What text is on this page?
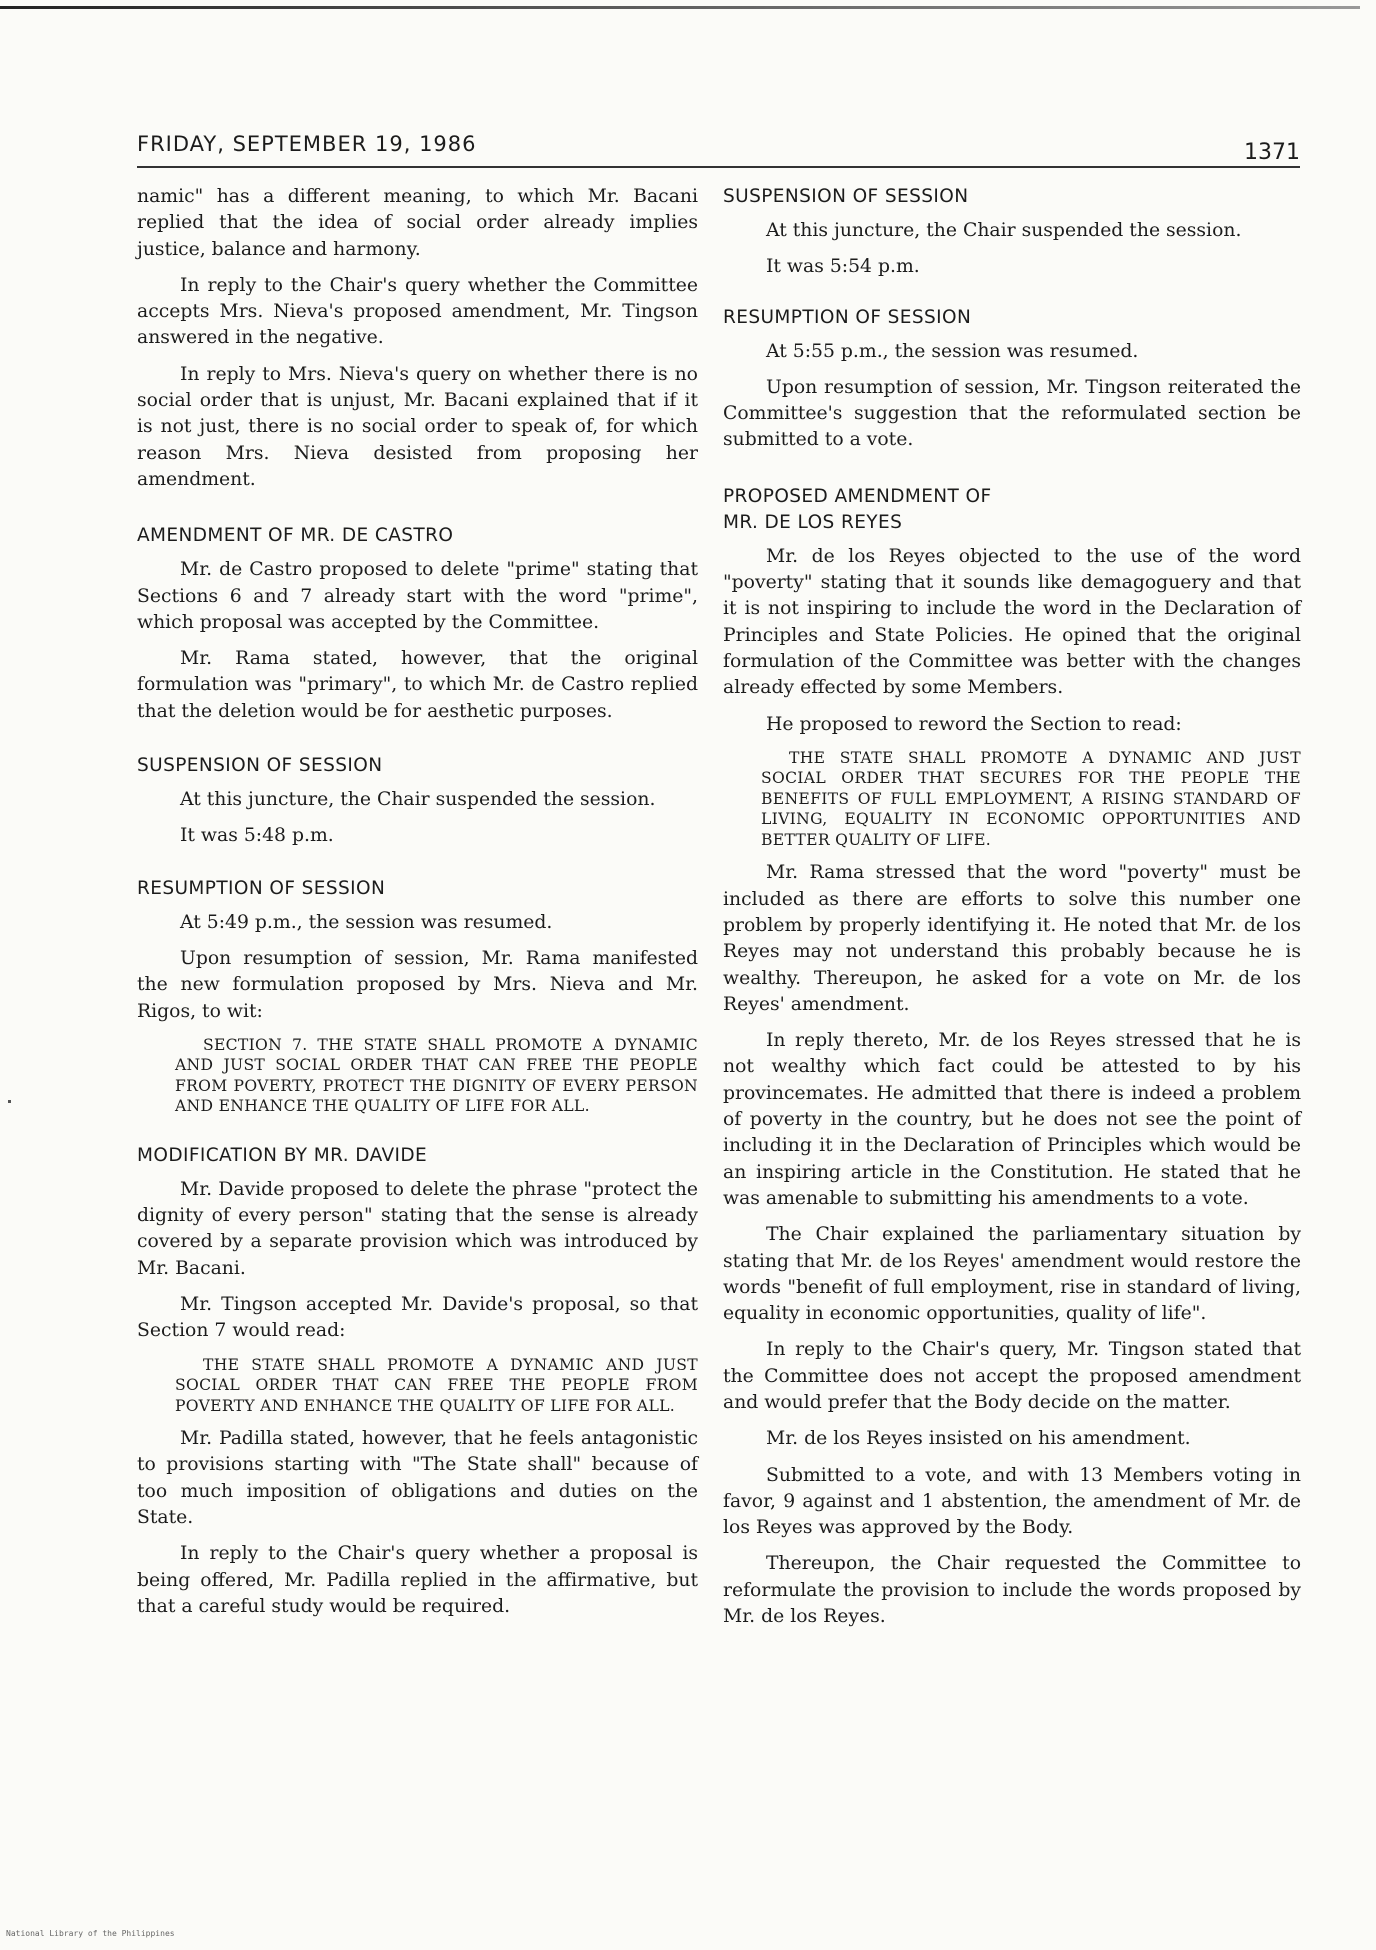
FRIDAY, SEPTEMBER 19, 1986	1371

namic" has a different meaning, to which Mr. Bacani replied that the idea of social order already implies justice, balance and harmony.

In reply to the Chair's query whether the Committee accepts Mrs. Nieva's proposed amendment, Mr. Tingson answered in the negative.

In reply to Mrs. Nieva's query on whether there is no social order that is unjust, Mr. Bacani explained that if it is not just, there is no social order to speak of, for which reason Mrs. Nieva desisted from proposing her amendment.

AMENDMENT OF MR. DE CASTRO

Mr. de Castro proposed to delete "prime" stating that Sections 6 and 7 already start with the word "prime", which proposal was accepted by the Committee.

Mr. Rama stated, however, that the original formulation was "primary", to which Mr. de Castro replied that the deletion would be for aesthetic purposes.

SUSPENSION OF SESSION

At this juncture, the Chair suspended the session.

It was 5:48 p.m.

RESUMPTION OF SESSION

At 5:49 p.m., the session was resumed.

Upon resumption of session, Mr. Rama manifested the new formulation proposed by Mrs. Nieva and Mr. Rigos, to wit:

SECTION 7. THE STATE SHALL PROMOTE A DYNAMIC AND JUST SOCIAL ORDER THAT CAN FREE THE PEOPLE FROM POVERTY, PROTECT THE DIGNITY OF EVERY PERSON AND ENHANCE THE QUALITY OF LIFE FOR ALL.
MODIFICATION BY MR. DAVIDE

Mr. Davide proposed to delete the phrase "protect the dignity of every person" stating that the sense is already covered by a separate provision which was introduced by Mr. Bacani.

Mr. Tingson accepted Mr. Davide's proposal, so that Section 7 would read:

THE STATE SHALL PROMOTE A DYNAMIC AND JUST SOCIAL ORDER THAT CAN FREE THE PEOPLE FROM POVERTY AND ENHANCE THE QUALITY OF LIFE FOR ALL.

Mr. Padilla stated, however, that he feels antagonistic to provisions starting with "The State shall" because of too much imposition of obligations and duties on the State.

In reply to the Chair's query whether a proposal is being offered, Mr. Padilla replied in the affirmative, but that a careful study would be required.

SUSPENSION OF SESSION

At this juncture, the Chair suspended the session.

It was 5:54 p.m.

RESUMPTION OF SESSION

At 5:55 p.m., the session was resumed.

Upon resumption of session, Mr. Tingson reiterated the Committee's suggestion that the reformulated section be submitted to a vote.

PROPOSED AMENDMENT OF
MR. DE LOS REYES

Mr. de los Reyes objected to the use of the word "poverty" stating that it sounds like demagoguery and that it is not inspiring to include the word in the Declaration of Principles and State Policies. He opined that the original formulation of the Committee was better with the changes already effected by some Members.

He proposed to reword the Section to read:

THE STATE SHALL PROMOTE A DYNAMIC AND JUST SOCIAL ORDER THAT SECURES FOR THE PEOPLE THE BENEFITS OF FULL EMPLOYMENT, A RISING STANDARD OF LIVING, EQUALITY IN ECONOMIC OPPORTUNITIES AND BETTER QUALITY OF LIFE.

Mr. Rama stressed that the word "poverty" must be included as there are efforts to solve this number one problem by properly identifying it. He noted that Mr. de los Reyes may not understand this probably because he is wealthy. Thereupon, he asked for a vote on Mr. de los Reyes' amendment.

In reply thereto, Mr. de los Reyes stressed that he is not wealthy which fact could be attested to by his provincemates. He admitted that there is indeed a problem of poverty in the country, but he does not see the point of including it in the Declaration of Principles which would be an inspiring article in the Constitution. He stated that he was amenable to submitting his amendments to a vote.

The Chair explained the parliamentary situation by stating that Mr. de los Reyes' amendment would restore the words "benefit of full employment, rise in standard of living, equality in economic opportunities, quality of life".

In reply to the Chair's query, Mr. Tingson stated that the Committee does not accept the proposed amendment and would prefer that the Body decide on the matter.

Mr. de los Reyes insisted on his amendment.

Submitted to a vote, and with 13 Members voting in favor, 9 against and 1 abstention, the amendment of Mr. de los Reyes was approved by the Body.

Thereupon, the Chair requested the Committee to reformulate the provision to include the words proposed by Mr. de los Reyes.

National Library of the Philippines
